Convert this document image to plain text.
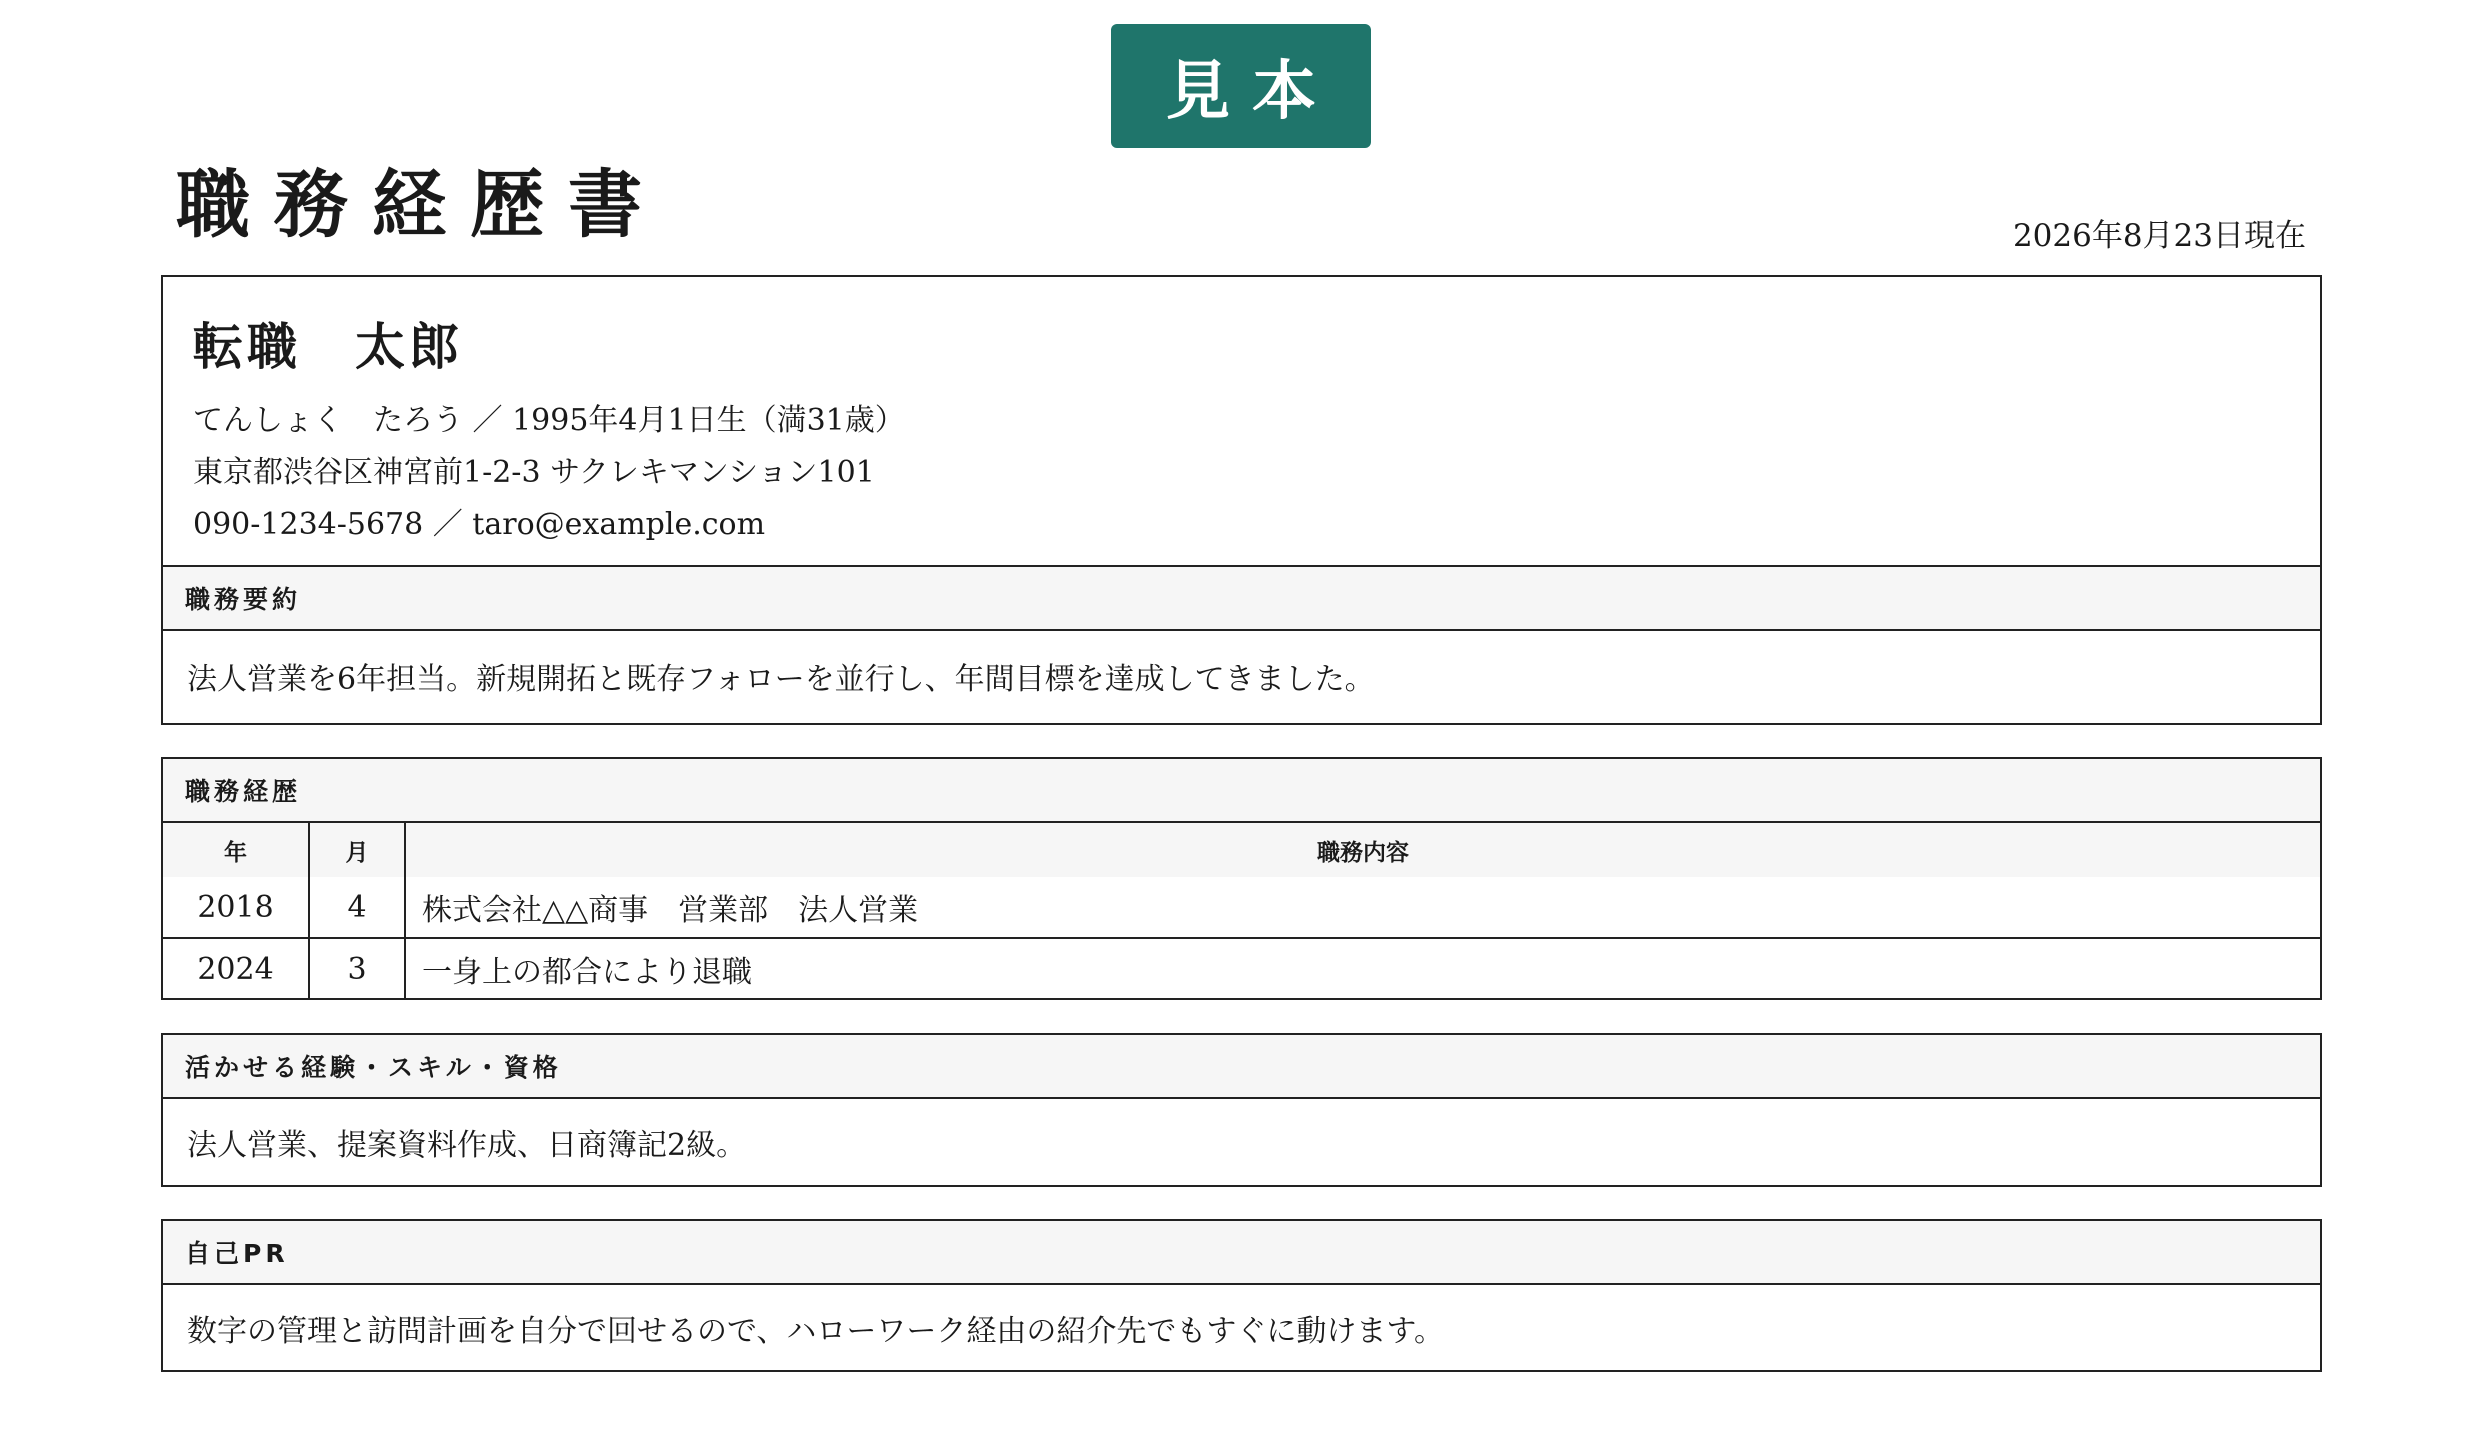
見本
職務経歴書	2026年8月23日現在
転職　太郎
てんしょく　たろう ／ 1995年4月1日生（満31歳）
東京都渋谷区神宮前1-2-3 サクレキマンション101
090-1234-5678 ／ taro@example.com
職務要約
法人営業を6年担当。新規開拓と既存フォローを並行し、年間目標を達成してきました。
職務経歴
年	月	職務内容
2018	4	株式会社△△商事　営業部　法人営業
2024	3	一身上の都合により退職
活かせる経験・スキル・資格
法人営業、提案資料作成、日商簿記2級。
自己PR
数字の管理と訪問計画を自分で回せるので、ハローワーク経由の紹介先でもすぐに動けます。
